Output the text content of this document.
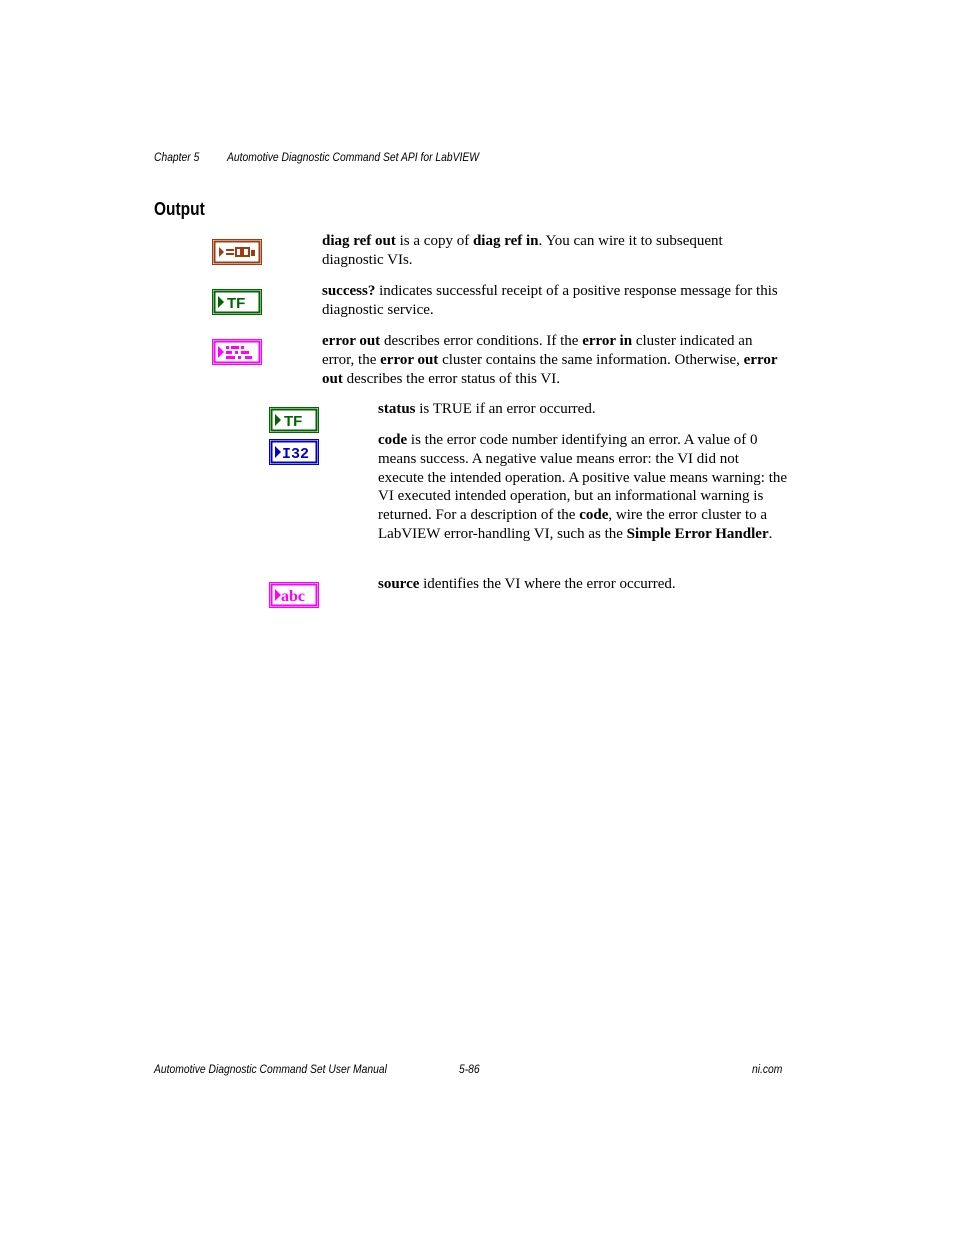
Chapter 5 Automotive Diagnostic Command Set API for LabVIEW
Output

diag ref out is a copy of diag ref in. You can wire it to subsequent diagnostic VIs.

TF

success? indicates successful receipt of a positive response message for this diagnostic service.

error out describes error conditions. If the error in cluster indicated an error, the error out cluster contains the same information. Otherwise, error out describes the error status of this VI.

TF

status is TRUE if an error occurred.

I32

code is the error code number identifying an error. A value of 0 means success. A negative value means error: the VI did not execute the intended operation. A positive value means warning: the VI executed intended operation, but an informational warning is returned. For a description of the code, wire the error cluster to a LabVIEW error-handling VI, such as the Simple Error Handler.

abc

source identifies the VI where the error occurred.

Automotive Diagnostic Command Set User Manual	5-86	ni.com
